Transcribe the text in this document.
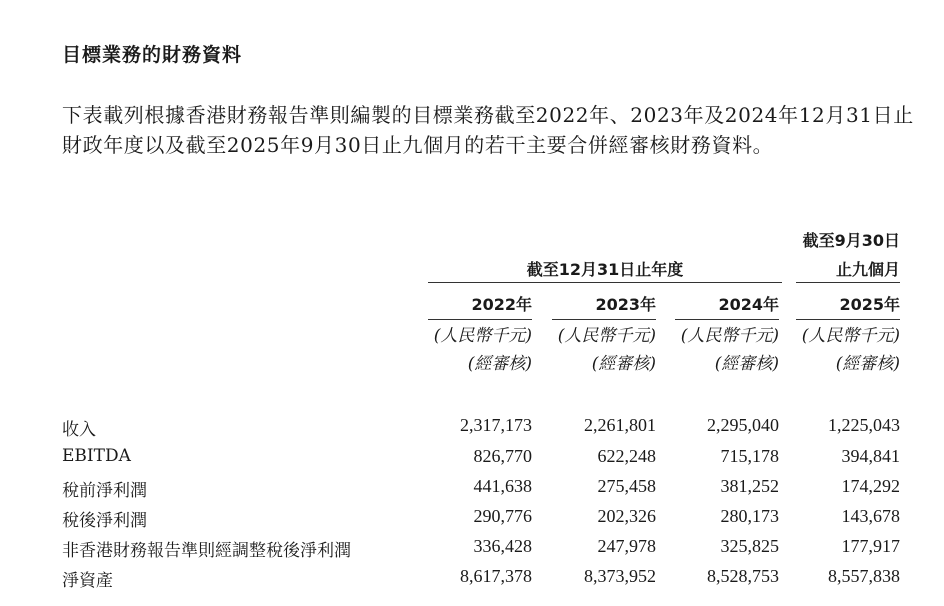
目標業務的財務資料

下表載列根據香港財務報告準則編製的目標業務截至2022年、2023年及2024年12月31日止財政年度以及截至2025年9月30日止九個月的若干主要合併經審核財務資料。

截至12月31日止年度
截至9月30日
止九個月
2022年	2023年	2024年	2025年
(人民幣千元)	(人民幣千元)	(人民幣千元)	(人民幣千元)
(經審核)	(經審核)	(經審核)	(經審核)
收入	2,317,173	2,261,801	2,295,040	1,225,043
EBITDA	826,770	622,248	715,178	394,841
稅前淨利潤	441,638	275,458	381,252	174,292
稅後淨利潤	290,776	202,326	280,173	143,678
非香港財務報告準則經調整稅後淨利潤	336,428	247,978	325,825	177,917
淨資產	8,617,378	8,373,952	8,528,753	8,557,838
